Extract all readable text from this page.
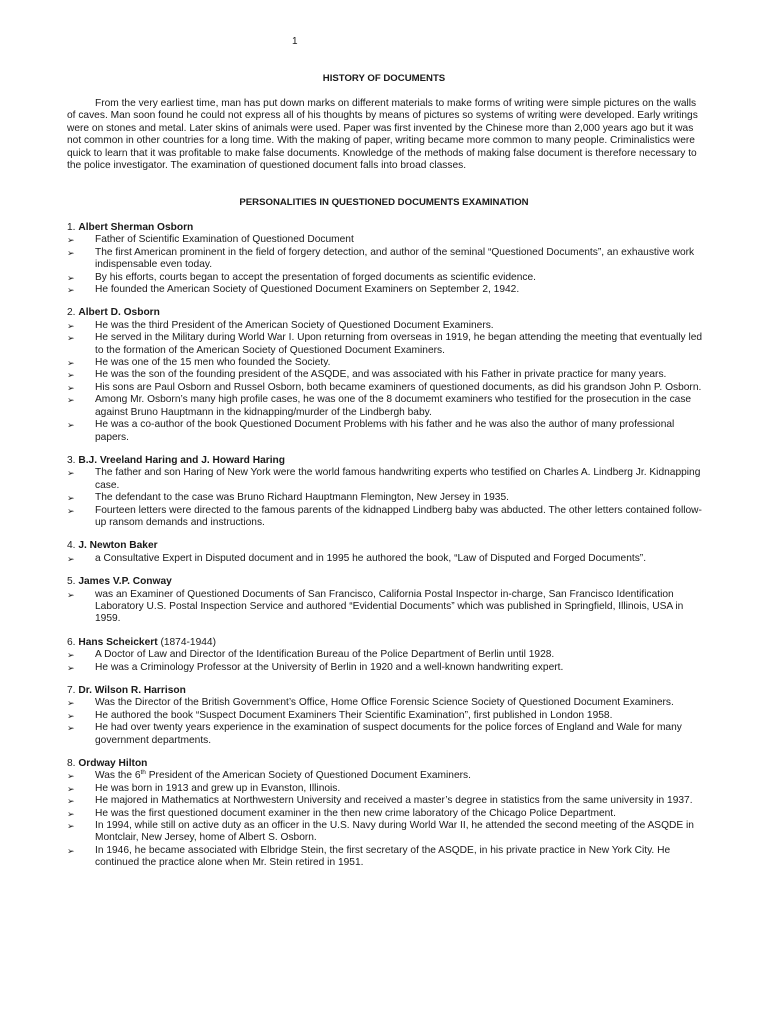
1
HISTORY OF DOCUMENTS

From the very earliest time, man has put down marks on different materials to make forms of writing were simple pictures on the walls of caves. Man soon found he could not express all of his thoughts by means of pictures so systems of writing were developed. Early writings were on stones and metal. Later skins of animals were used. Paper was first invented by the Chinese more than 2,000 years ago but it was not common in other countries for a long time. With the making of paper, writing became more common to many people. Criminalistics were quick to learn that it was profitable to make false documents. Knowledge of the methods of making false document is therefore necessary to the police investigator. The examination of questioned document falls into broad classes.

PERSONALITIES IN QUESTIONED DOCUMENTS EXAMINATION
1. Albert Sherman Osborn
➢ Father of Scientific Examination of Questioned Document
➢ The first American prominent in the field of forgery detection, and author of the seminal “Questioned Documents”, an exhaustive work indispensable even today.
➢ By his efforts, courts began to accept the presentation of forged documents as scientific evidence.
➢ He founded the American Society of Questioned Document Examiners on September 2, 1942.
2. Albert D. Osborn
➢ He was the third President of the American Society of Questioned Document Examiners.
➢ He served in the Military during World War I. Upon returning from overseas in 1919, he began attending the meeting that eventually led to the formation of the American Society of Questioned Document Examiners.
➢ He was one of the 15 men who founded the Society.
➢ He was the son of the founding president of the ASQDE, and was associated with his Father in private practice for many years.
➢ His sons are Paul Osborn and Russel Osborn, both became examiners of questioned documents, as did his grandson John P. Osborn.
➢ Among Mr. Osborn’s many high profile cases, he was one of the 8 documemt examiners who testified for the prosecution in the case against Bruno Hauptmann in the kidnapping/murder of the Lindbergh baby.
➢ He was a co-author of the book Questioned Document Problems with his father and he was also the author of many professional papers.
3. B.J. Vreeland Haring and J. Howard Haring
➢ The father and son Haring of New York were the world famous handwriting experts who testified on Charles A. Lindberg Jr. Kidnapping case.
➢ The defendant to the case was Bruno Richard Hauptmann Flemington, New Jersey in 1935.
➢ Fourteen letters were directed to the famous parents of the kidnapped Lindberg baby was abducted. The other letters contained follow-up ransom demands and instructions.
4. J. Newton Baker
➢ a Consultative Expert in Disputed document and in 1995 he authored the book, “Law of Disputed and Forged Documents”.
5. James V.P. Conway
➢ was an Examiner of Questioned Documents of San Francisco, California Postal Inspector in-charge, San Francisco Identification Laboratory U.S. Postal Inspection Service and authored “Evidential Documents” which was published in Springfield, Illinois, USA in 1959.
6. Hans Scheickert (1874-1944)
➢ A Doctor of Law and Director of the Identification Bureau of the Police Department of Berlin until 1928.
➢ He was a Criminology Professor at the University of Berlin in 1920 and a well-known handwriting expert.
7. Dr. Wilson R. Harrison
➢ Was the Director of the British Government’s Office, Home Office Forensic Science Society of Questioned Document Examiners.
➢ He authored the book “Suspect Document Examiners Their Scientific Examination”, first published in London 1958.
➢ He had over twenty years experience in the examination of suspect documents for the police forces of England and Wale for many government departments.
8. Ordway Hilton
➢ Was the 6th President of the American Society of Questioned Document Examiners.
➢ He was born in 1913 and grew up in Evanston, Illinois.
➢ He majored in Mathematics at Northwestern University and received a master’s degree in statistics from the same university in 1937.
➢ He was the first questioned document examiner in the then new crime laboratory of the Chicago Police Department.
➢ In 1994, while still on active duty as an officer in the U.S. Navy during World War II, he attended the second meeting of the ASQDE in Montclair, New Jersey, home of Albert S. Osborn.
➢ In 1946, he became associated with Elbridge Stein, the first secretary of the ASQDE, in his private practice in New York City. He continued the practice alone when Mr. Stein retired in 1951.
